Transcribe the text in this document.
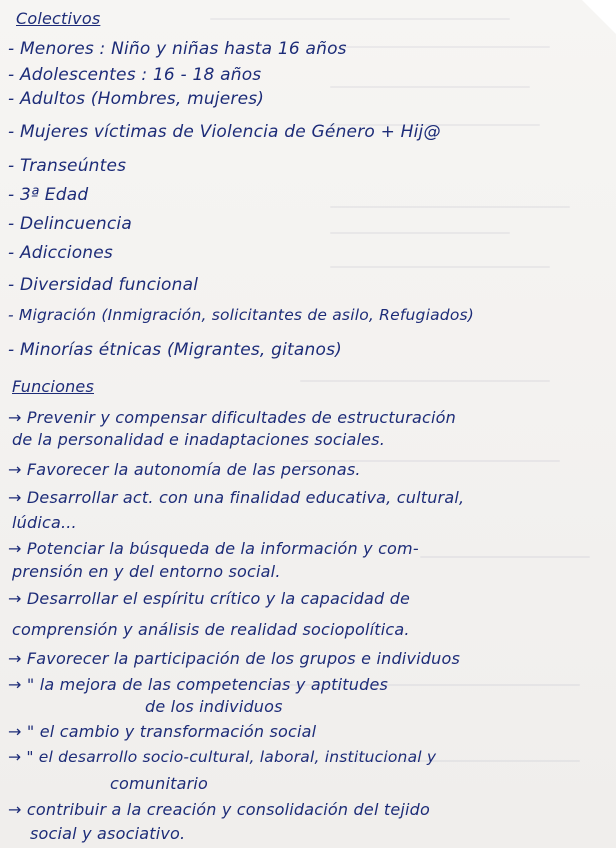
Colectivos

- Menores : Niño y niñas hasta 16 años

- Adolescentes : 16 - 18 años

- Adultos (Hombres, mujeres)

- Mujeres víctimas de Violencia de Género + Hij@

- Transeúntes

- 3ª Edad

- Delincuencia

- Adicciones

- Diversidad funcional

- Migración (Inmigración, solicitantes de asilo, Refugiados)

- Minorías étnicas (Migrantes, gitanos)

Funciones

→ Prevenir y compensar dificultades de estructuración

de la personalidad e inadaptaciones sociales.

→ Favorecer la autonomía de las personas.

→ Desarrollar act. con una finalidad educativa, cultural,

lúdica...

→ Potenciar la búsqueda de la información y com-

prensión en y del entorno social.

→ Desarrollar el espíritu crítico y la capacidad de

comprensión y análisis de realidad sociopolítica.

→ Favorecer la participación de los grupos e individuos

→ " la mejora de las competencias y aptitudes

de los individuos

→ " el cambio y transformación social

→ " el desarrollo socio-cultural, laboral, institucional y

comunitario

→ contribuir a la creación y consolidación del tejido

social y asociativo.
